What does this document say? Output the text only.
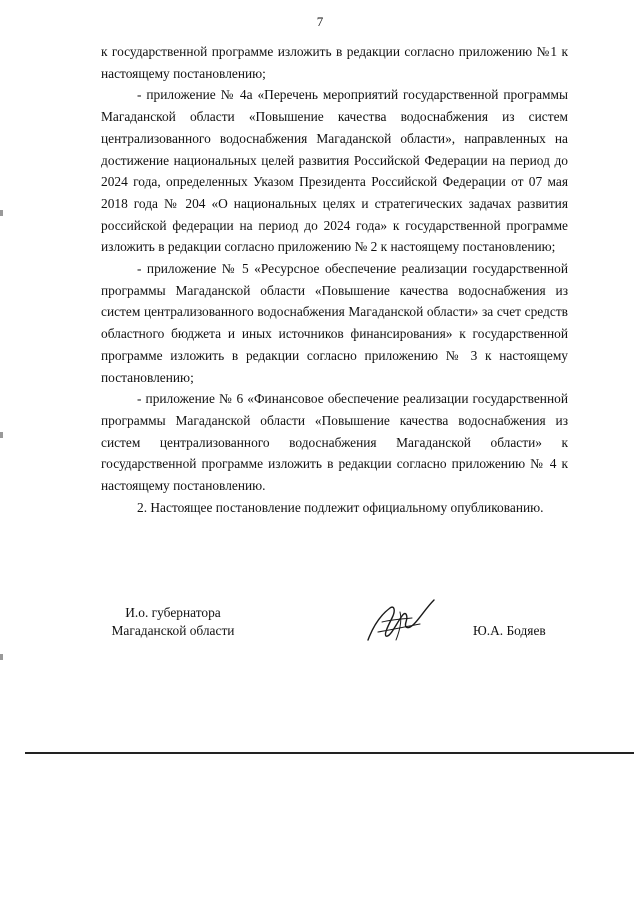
7

к государственной программе изложить в редакции согласно приложению №1 к настоящему постановлению;

- приложение № 4а «Перечень мероприятий государственной программы Магаданской области «Повышение качества водоснабжения из систем централизованного водоснабжения Магаданской области», направленных на достижение национальных целей развития Российской Федерации на период до 2024 года, определенных Указом Президента Российской Федерации от 07 мая 2018 года № 204 «О национальных целях и стратегических задачах развития российской федерации на период до 2024 года» к государственной программе изложить в редакции согласно приложению № 2 к настоящему постановлению;

- приложение № 5 «Ресурсное обеспечение реализации государственной программы Магаданской области «Повышение качества водоснабжения из систем централизованного водоснабжения Магаданской области» за счет средств областного бюджета и иных источников финансирования» к государственной программе изложить в редакции согласно приложению № 3 к настоящему постановлению;

- приложение № 6 «Финансовое обеспечение реализации государственной программы Магаданской области «Повышение качества водоснабжения из систем централизованного водоснабжения Магаданской области» к государственной программе изложить в редакции согласно приложению № 4 к настоящему постановлению.

2. Настоящее постановление подлежит официальному опубликованию.

И.о. губернатора
Магаданской области	Ю.А. Бодяев
